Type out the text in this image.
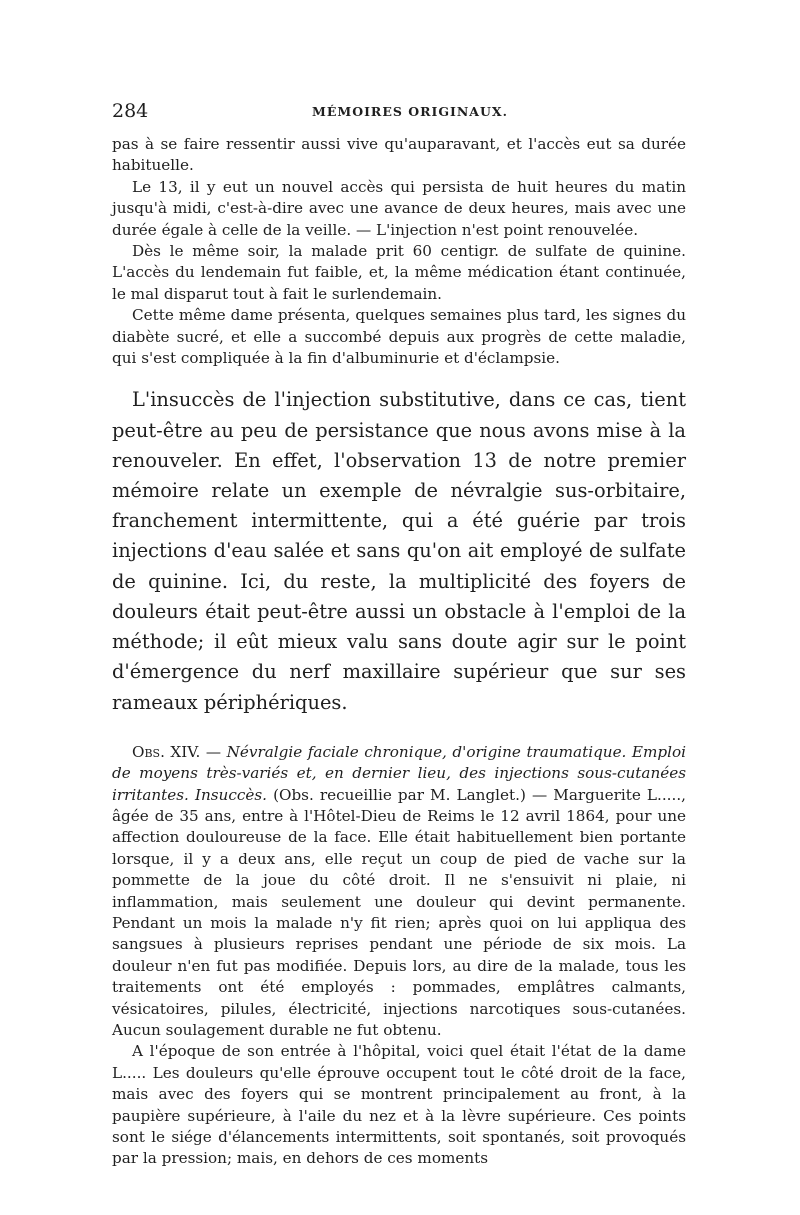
284	MÉMOIRES ORIGINAUX.

pas à se faire ressentir aussi vive qu'auparavant, et l'accès eut sa durée habituelle.

Le 13, il y eut un nouvel accès qui persista de huit heures du matin jusqu'à midi, c'est-à-dire avec une avance de deux heures, mais avec une durée égale à celle de la veille. — L'injection n'est point renouvelée.

Dès le même soir, la malade prit 60 centigr. de sulfate de quinine. L'accès du lendemain fut faible, et, la même médication étant continuée, le mal disparut tout à fait le surlendemain.

Cette même dame présenta, quelques semaines plus tard, les signes du diabète sucré, et elle a succombé depuis aux progrès de cette maladie, qui s'est compliquée à la fin d'albuminurie et d'éclampsie.

L'insuccès de l'injection substitutive, dans ce cas, tient peut-être au peu de persistance que nous avons mise à la renouveler. En effet, l'observation 13 de notre premier mémoire relate un exemple de névralgie sus-orbitaire, franchement intermittente, qui a été guérie par trois injections d'eau salée et sans qu'on ait employé de sulfate de quinine. Ici, du reste, la multiplicité des foyers de douleurs était peut-être aussi un obstacle à l'emploi de la méthode; il eût mieux valu sans doute agir sur le point d'émergence du nerf maxillaire supérieur que sur ses rameaux périphériques.

Obs. XIV. — Névralgie faciale chronique, d'origine traumatique. Emploi de moyens très-variés et, en dernier lieu, des injections sous-cutanées irritantes. Insuccès. (Obs. recueillie par M. Langlet.) — Marguerite L....., âgée de 35 ans, entre à l'Hôtel-Dieu de Reims le 12 avril 1864, pour une affection douloureuse de la face. Elle était habituellement bien portante lorsque, il y a deux ans, elle reçut un coup de pied de vache sur la pommette de la joue du côté droit. Il ne s'ensuivit ni plaie, ni inflammation, mais seulement une douleur qui devint permanente. Pendant un mois la malade n'y fit rien; après quoi on lui appliqua des sangsues à plusieurs reprises pendant une période de six mois. La douleur n'en fut pas modifiée. Depuis lors, au dire de la malade, tous les traitements ont été employés : pommades, emplâtres calmants, vésicatoires, pilules, électricité, injections narcotiques sous-cutanées. Aucun soulagement durable ne fut obtenu.

A l'époque de son entrée à l'hôpital, voici quel était l'état de la dame L..... Les douleurs qu'elle éprouve occupent tout le côté droit de la face, mais avec des foyers qui se montrent principalement au front, à la paupière supérieure, à l'aile du nez et à la lèvre supérieure. Ces points sont le siége d'élancements intermittents, soit spontanés, soit provoqués par la pression; mais, en dehors de ces moments
